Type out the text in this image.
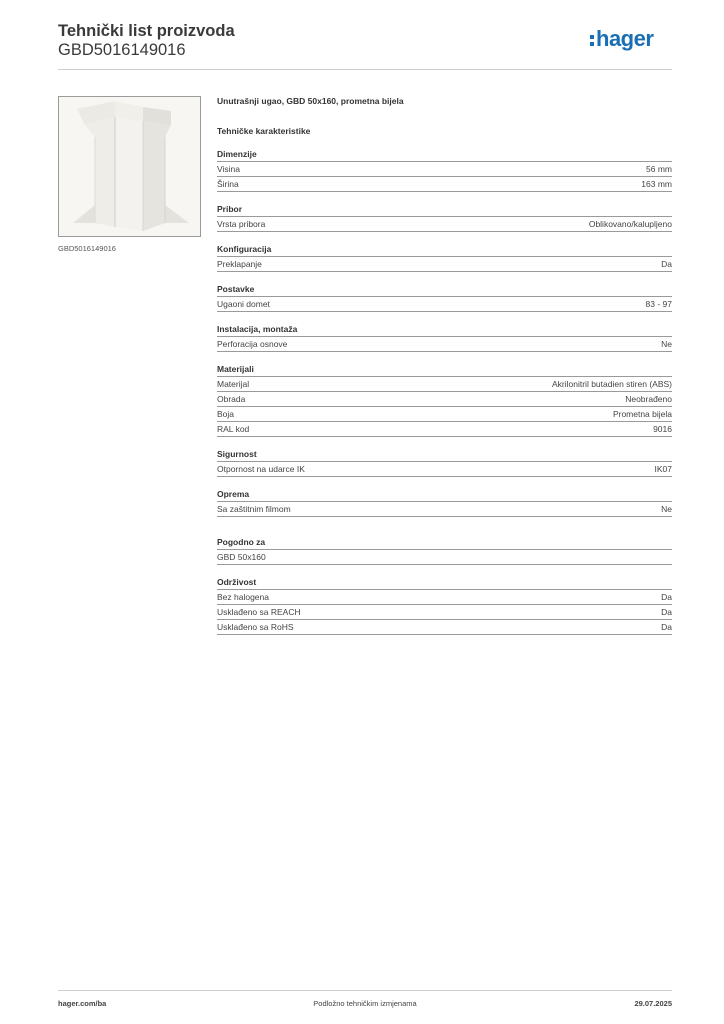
Tehnički list proizvoda
GBD5016149016	hager
GBD5016149016
Unutrašnji ugao, GBD 50x160, prometna bijela
Tehničke karakteristike
Dimenzije
Visina	56 mm
Širina	163 mm
Pribor
Vrsta pribora	Oblikovano/kalupljeno
Konfiguracija
Preklapanje	Da
Postavke
Ugaoni domet	83 - 97
Instalacija, montaža
Perforacija osnove	Ne
Materijali
Materijal	Akrilonitril butadien stiren (ABS)
Obrada	Neobrađeno
Boja	Prometna bijela
RAL kod	9016
Sigurnost
Otpornost na udarce IK	IK07
Oprema
Sa zaštitnim filmom	Ne
Pogodno za
GBD 50x160
Održivost
Bez halogena	Da
Usklađeno sa REACH	Da
Usklađeno sa RoHS	Da
Podložno tehničkim izmjenama
hager.com/ba	29.07.2025
